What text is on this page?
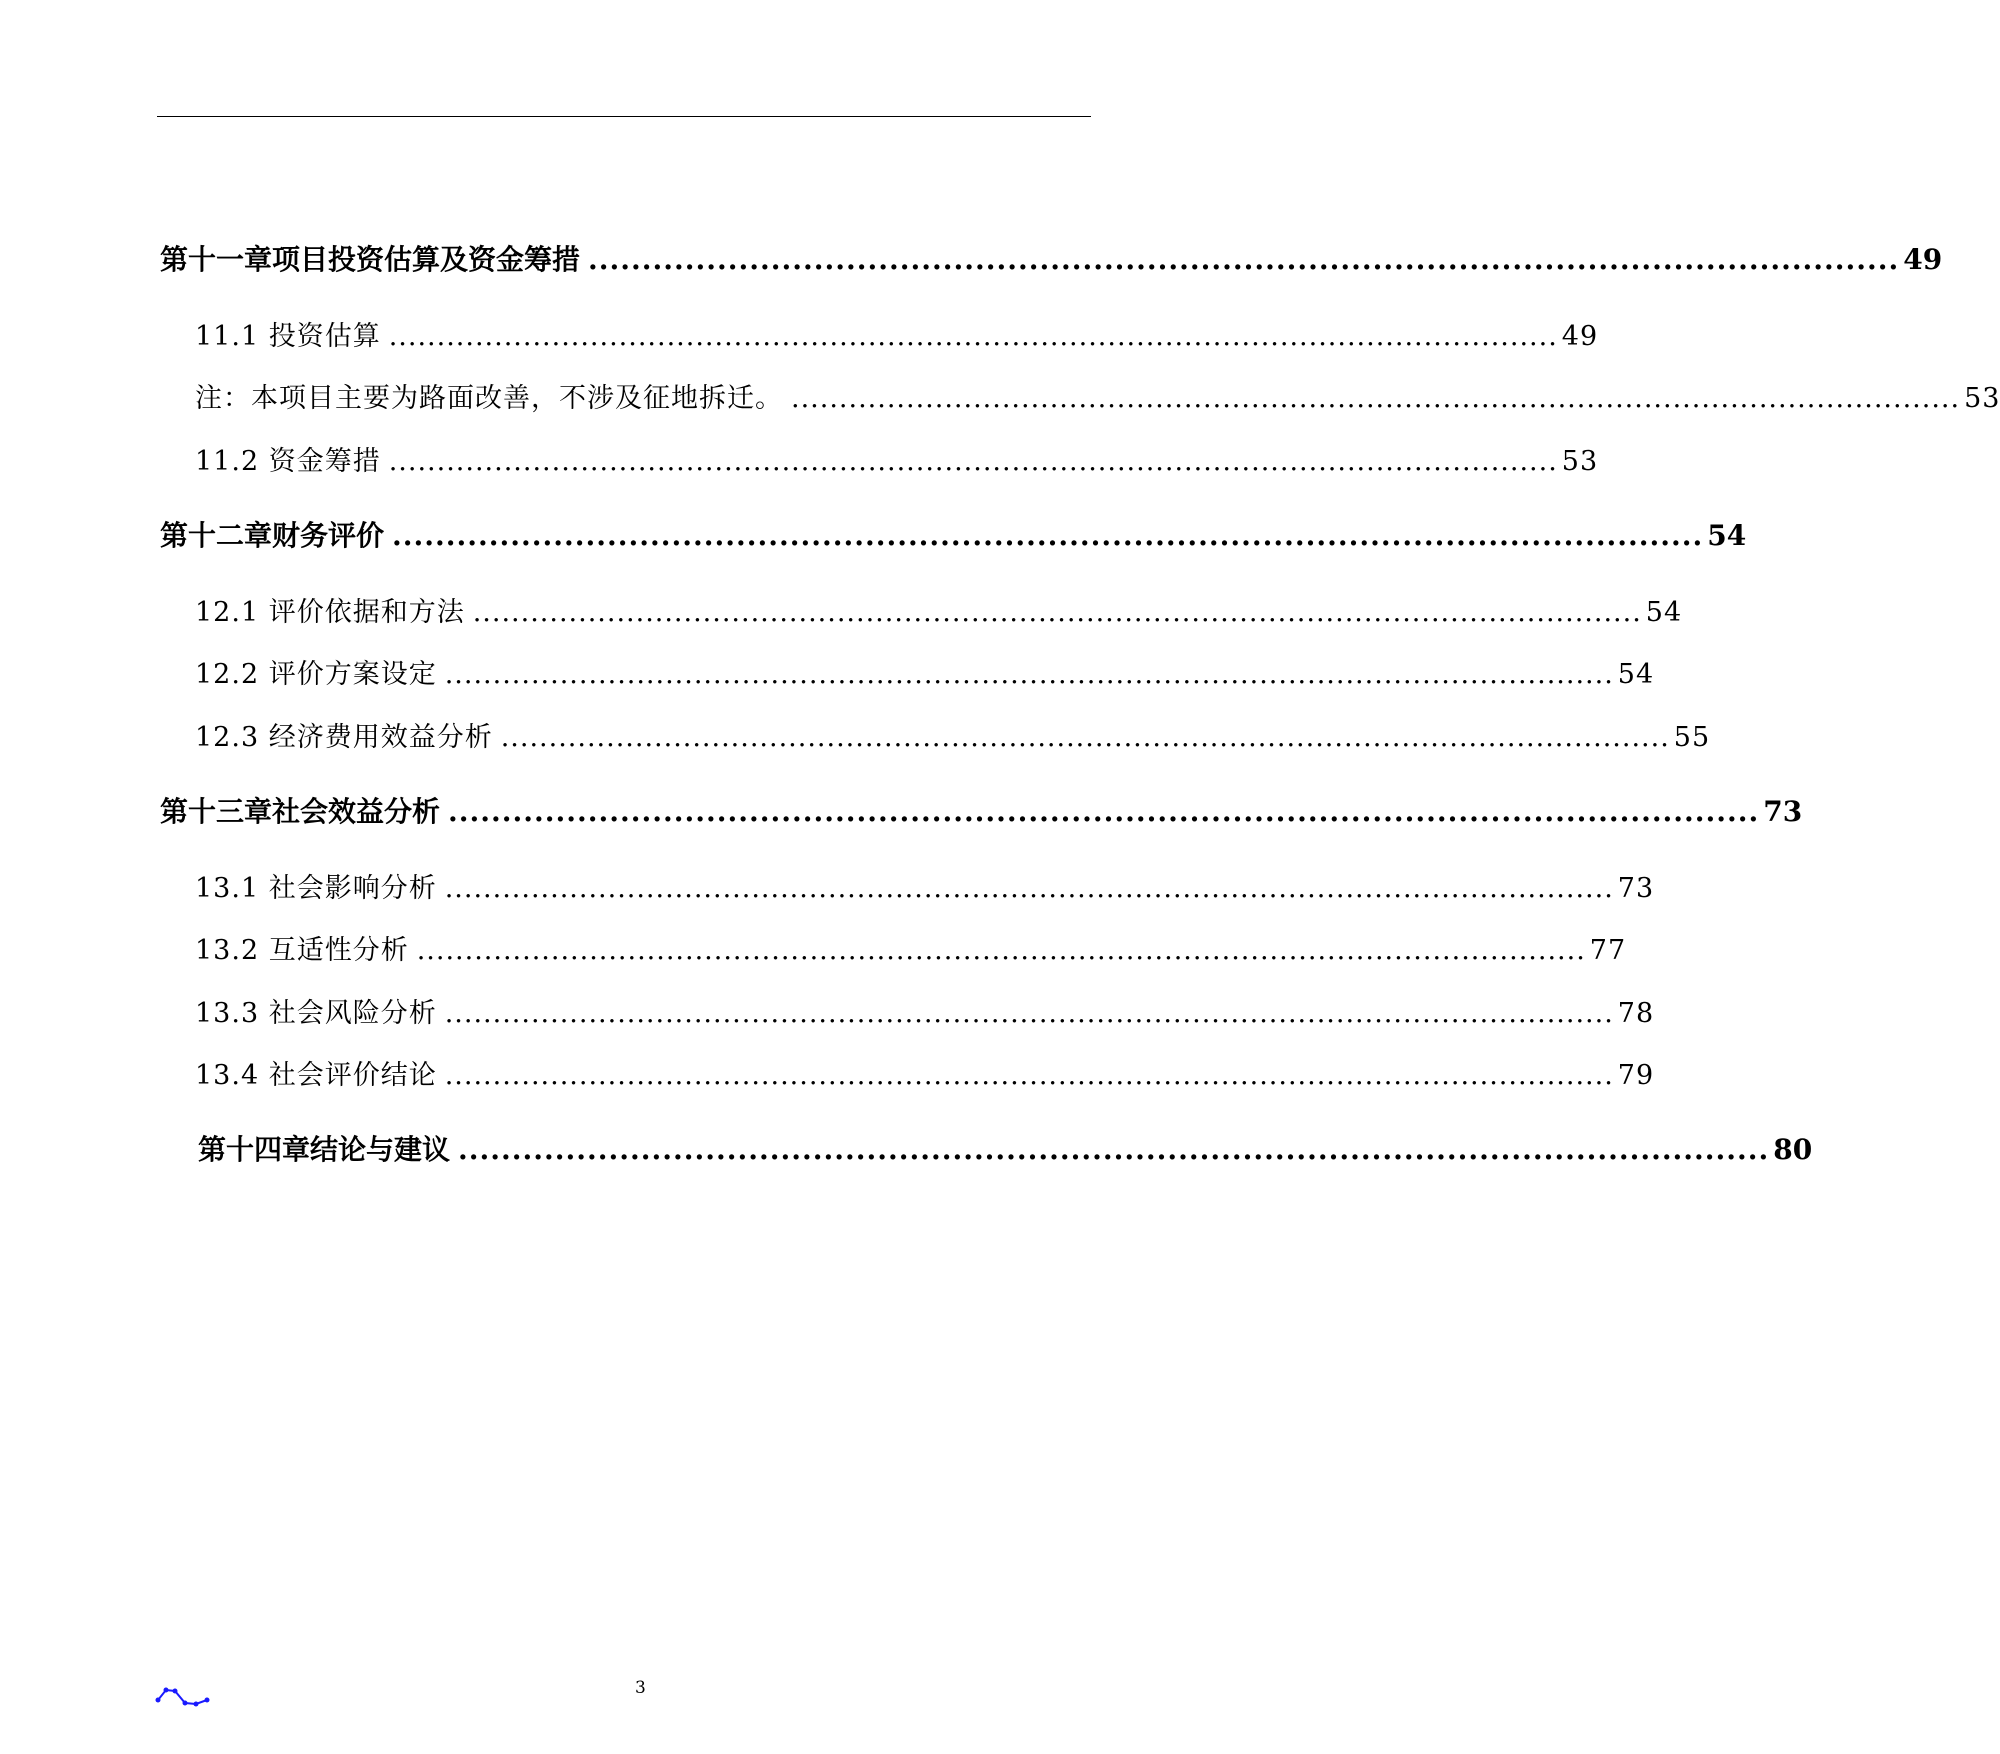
第十一章 项目投资估算及资金筹措 .......................................................................................................................... 49
11.1 投资估算 .......................................................................................................................... 49
注：本项目主要为路面改善，不涉及征地拆迁。 .......................................................................................................................... 53
11.2 资金筹措 .......................................................................................................................... 53
第十二章 财务评价 .......................................................................................................................... 54
12.1 评价依据和方法 .......................................................................................................................... 54
12.2 评价方案设定 .......................................................................................................................... 54
12.3 经济费用效益分析 .......................................................................................................................... 55
第十三章 社会效益分析 .......................................................................................................................... 73
13.1 社会影响分析 .......................................................................................................................... 73
13.2 互适性分析 .......................................................................................................................... 77
13.3 社会风险分析 .......................................................................................................................... 78
13.4 社会评价结论 .......................................................................................................................... 79
第十四章 结论与建议 .......................................................................................................................... 80
3
